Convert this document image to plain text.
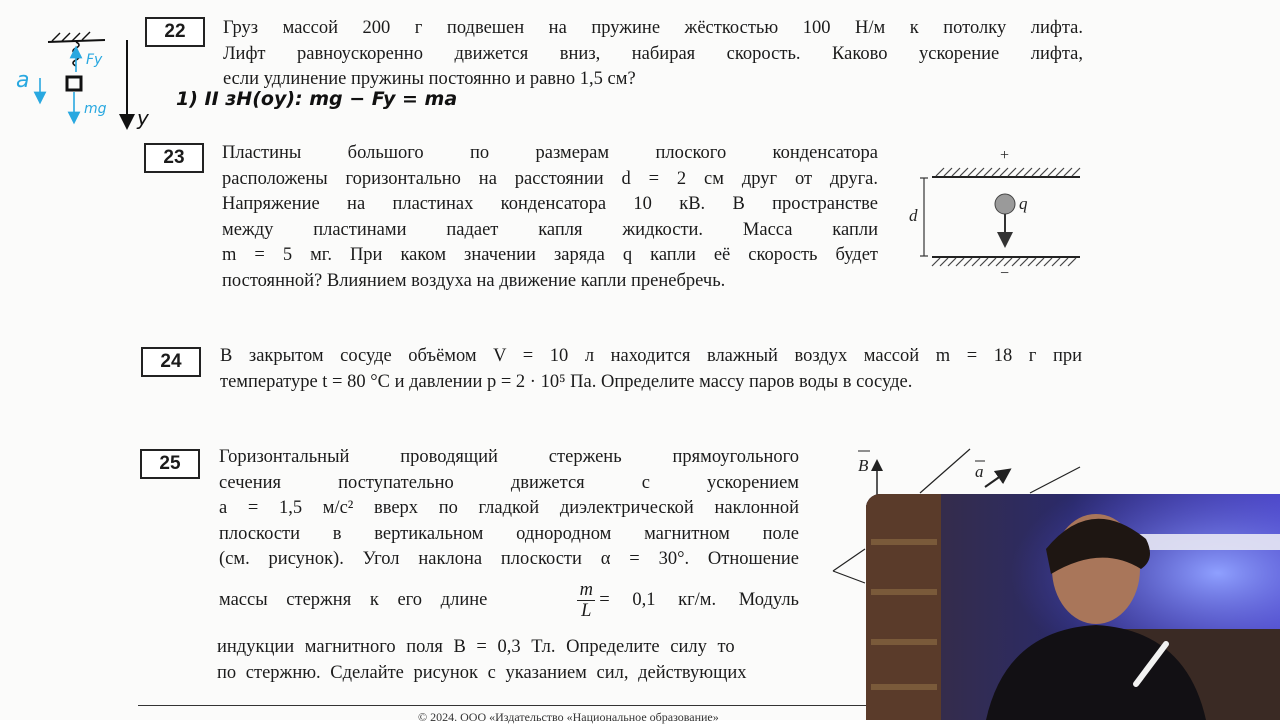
22	Груз массой 200 г подвешен на пружине жёсткостью 100 Н/м к потолку лифта.
Лифт равноускоренно движется вниз, набирая скорость. Каково ускорение лифта,
если удлинение пружины постоянно и равно 1,5 см?
23	Пластины большого по размерам плоского конденсатора
расположены горизонтально на расстоянии d = 2 см друг от друга.
Напряжение на пластинах конденсатора 10 кВ. В пространстве
между пластинами падает капля жидкости. Масса капли
m = 5 мг. При каком значении заряда q капли её скорость будет
постоянной? Влиянием воздуха на движение капли пренебречь.
+
−
d
q
24	В закрытом сосуде объёмом V = 10 л находится влажный воздух массой m = 18 г при
температуре t = 80 °C и давлении p = 2 · 10⁵ Па. Определите массу паров воды в сосуде.
25	Горизонтальный проводящий стержень прямоугольного
сечения поступательно движется с ускорением
a = 1,5 м/с² вверх по гладкой диэлектрической наклонной
плоскости в вертикальном однородном магнитном поле
(см. рисунок). Угол наклона плоскости α = 30°. Отношение
массы стержня к его длине	$\frac{m}{L} = 0,1$ кг/м. Модуль
индукции магнитного поля B = 0,3 Тл. Определите силу то
по стержню. Сделайте рисунок с указанием сил, действующих
B	a
Fу
mg
a
y
1) II зН(оу): mg − Fy = ma
© 2024. ООО «Издательство «Национальное образование»
